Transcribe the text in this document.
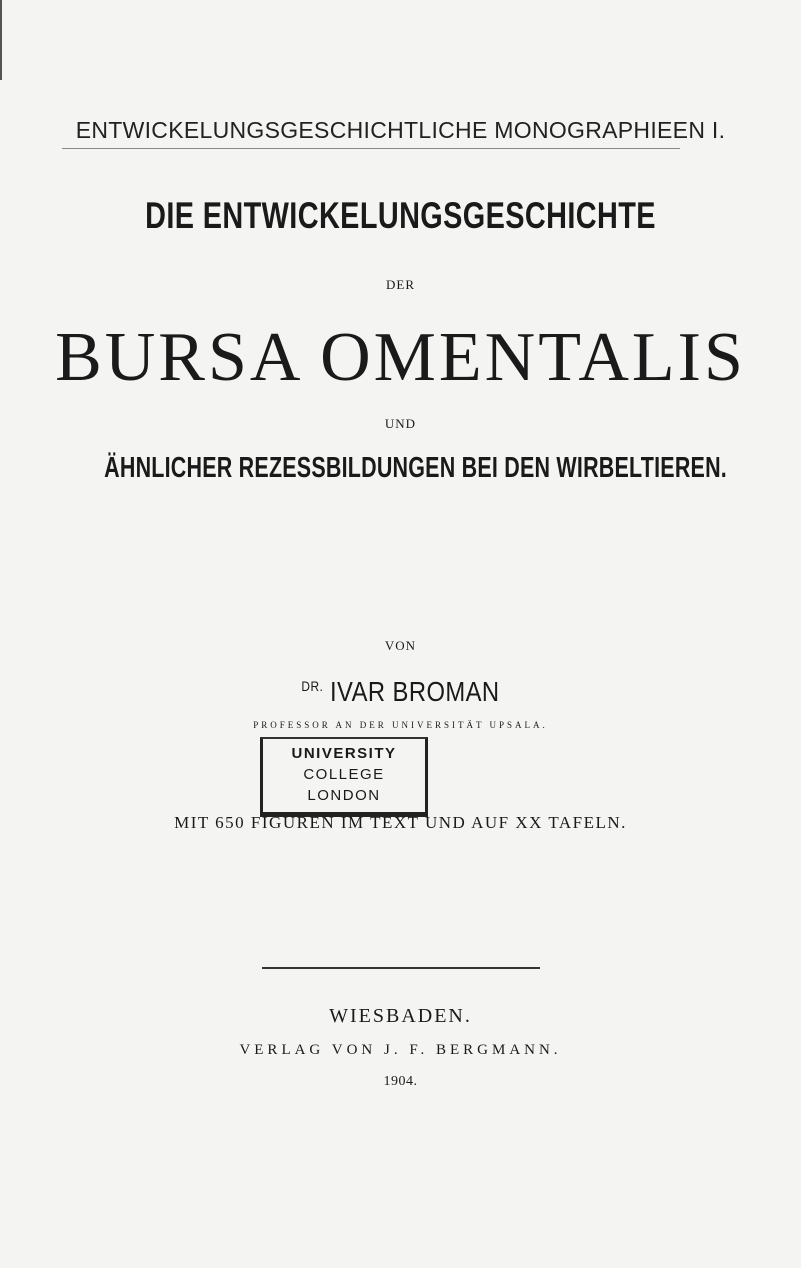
ENTWICKELUNGSGESCHICHTLICHE MONOGRAPHIEEN I.
DIE ENTWICKELUNGSGESCHICHTE
DER
BURSA OMENTALIS
UND
ÄHNLICHER REZESSBILDUNGEN BEI DEN WIRBELTIEREN.
VON
$^{DR.}$ IVAR BROMAN
PROFESSOR AN DER UNIVERSITÄT UPSALA.
UNIVERSITY
COLLEGE
LONDON
MIT 650 FIGUREN IM TEXT UND AUF XX TAFELN.
WIESBADEN.
VERLAG VON J. F. BERGMANN.
1904.
